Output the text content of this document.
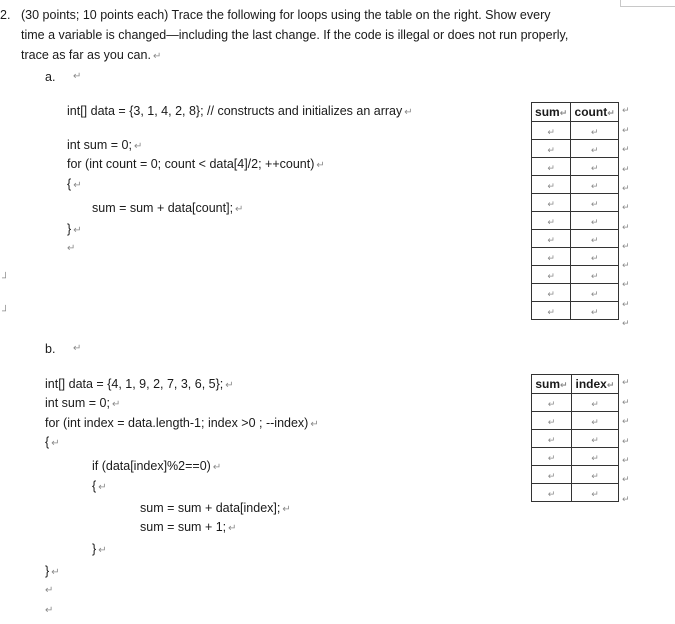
2. (30 points; 10 points each) Trace the following for loops using the table on the right. Show every
time a variable is changed—including the last change. If the code is illegal or does not run properly,
trace as far as you can. ↵
a. ↵
int[] data = {3, 1, 4, 2, 8}; // constructs and initializes an array ↵
int sum = 0; ↵
for (int count = 0; count < data[4]/2; ++count) ↵
{ ↵
sum = sum + data[count]; ↵
} ↵
↵
┘
┘
sum↵	count↵
↵	↵
↵	↵
↵	↵
↵	↵
↵	↵
↵	↵
↵	↵
↵	↵
↵	↵
↵	↵
↵	↵
b. ↵
int[] data = {4, 1, 9, 2, 7, 3, 6, 5}; ↵
int sum = 0; ↵
for (int index = data.length-1; index >0 ; --index) ↵
{ ↵
if (data[index]%2==0) ↵
{ ↵
sum = sum + data[index]; ↵
sum = sum + 1; ↵
} ↵
} ↵
↵
↵
sum↵	index↵
↵	↵
↵	↵
↵	↵
↵	↵
↵	↵
↵	↵
↵
↵
↵
↵
↵
↵
↵
↵
↵
↵
↵
↵
↵
↵
↵
↵
↵
↵
↵
